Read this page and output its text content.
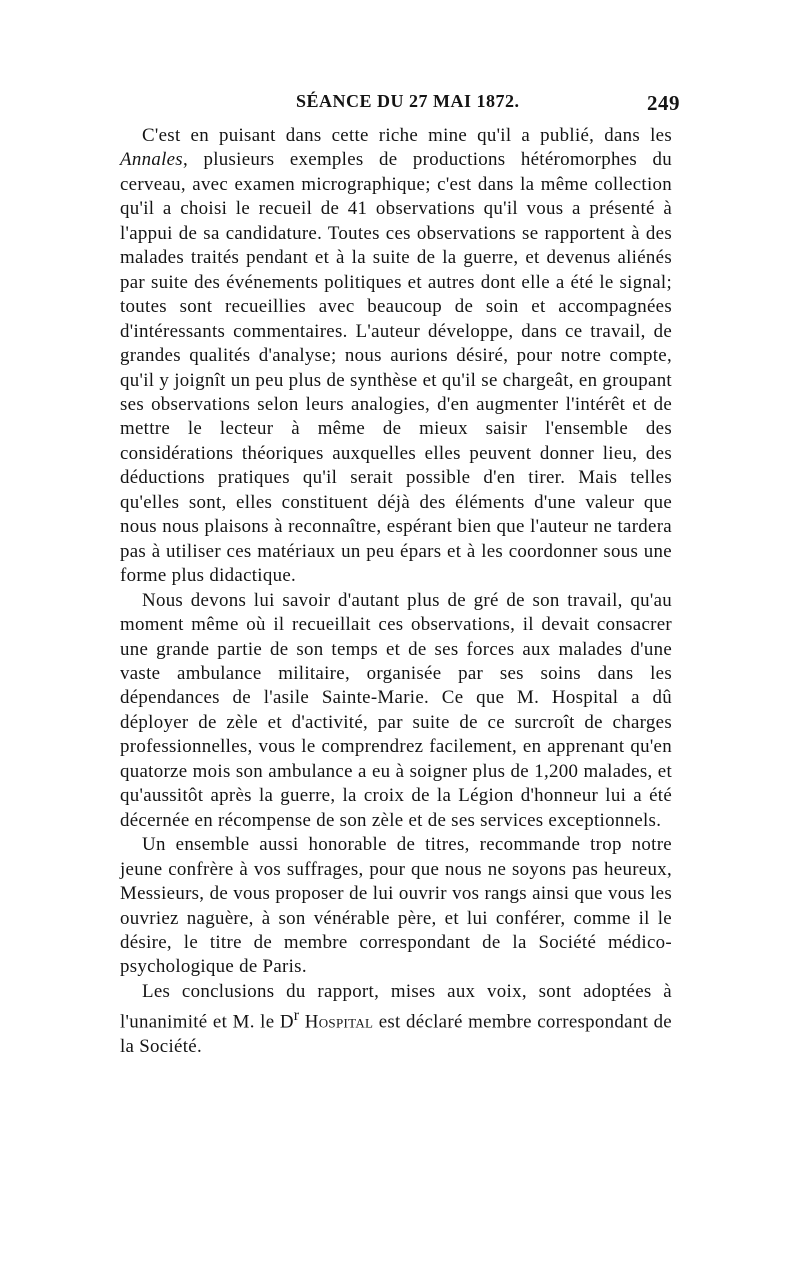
SÉANCE DU 27 MAI 1872.	249

C'est en puisant dans cette riche mine qu'il a publié, dans les Annales, plusieurs exemples de productions hétéromorphes du cerveau, avec examen micrographique; c'est dans la même collection qu'il a choisi le recueil de 41 observations qu'il vous a présenté à l'appui de sa candidature. Toutes ces observations se rapportent à des malades traités pendant et à la suite de la guerre, et devenus aliénés par suite des événements politiques et autres dont elle a été le signal; toutes sont recueillies avec beaucoup de soin et accompagnées d'intéressants commentaires. L'auteur développe, dans ce travail, de grandes qualités d'analyse; nous aurions désiré, pour notre compte, qu'il y joignît un peu plus de synthèse et qu'il se chargeât, en groupant ses observations selon leurs analogies, d'en augmenter l'intérêt et de mettre le lecteur à même de mieux saisir l'ensemble des considérations théoriques auxquelles elles peuvent donner lieu, des déductions pratiques qu'il serait possible d'en tirer. Mais telles qu'elles sont, elles constituent déjà des éléments d'une valeur que nous nous plaisons à reconnaître, espérant bien que l'auteur ne tardera pas à utiliser ces matériaux un peu épars et à les coordonner sous une forme plus didactique.

Nous devons lui savoir d'autant plus de gré de son travail, qu'au moment même où il recueillait ces observations, il devait consacrer une grande partie de son temps et de ses forces aux malades d'une vaste ambulance militaire, organisée par ses soins dans les dépendances de l'asile Sainte-Marie. Ce que M. Hospital a dû déployer de zèle et d'activité, par suite de ce surcroît de charges professionnelles, vous le comprendrez facilement, en apprenant qu'en quatorze mois son ambulance a eu à soigner plus de 1,200 malades, et qu'aussitôt après la guerre, la croix de la Légion d'honneur lui a été décernée en récompense de son zèle et de ses services exceptionnels.

Un ensemble aussi honorable de titres, recommande trop notre jeune confrère à vos suffrages, pour que nous ne soyons pas heureux, Messieurs, de vous proposer de lui ouvrir vos rangs ainsi que vous les ouvriez naguère, à son vénérable père, et lui conférer, comme il le désire, le titre de membre correspondant de la Société médico-psychologique de Paris.

Les conclusions du rapport, mises aux voix, sont adoptées à l'unanimité et M. le $D^r$ Hospital est déclaré membre correspondant de la Société.
